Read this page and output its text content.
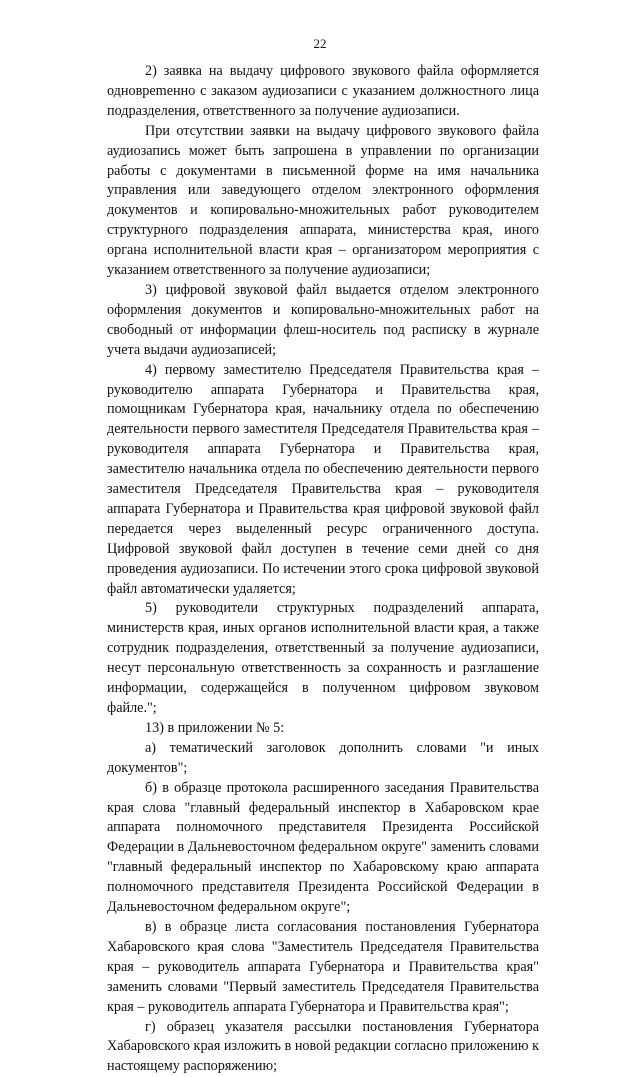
22

2) заявка на выдачу цифрового звукового файла оформляется одновреmенно с заказом аудиозаписи с указанием должностного лица подразделения, ответственного за получение аудиозаписи.

При отсутствии заявки на выдачу цифрового звукового файла аудиозапись может быть запрошена в управлении по организации работы с документами в письменной форме на имя начальника управления или заведующего отделом электронного оформления документов и копировально-множительных работ руководителем структурного подразделения аппарата, министерства края, иного органа исполнительной власти края – организатором мероприятия с указанием ответственного за получение аудиозаписи;

3) цифровой звуковой файл выдается отделом электронного оформления документов и копировально-множительных работ на свободный от информации флеш-носитель под расписку в журнале учета выдачи аудиозаписей;

4) первому заместителю Председателя Правительства края – руководителю аппарата Губернатора и Правительства края, помощникам Губернатора края, начальнику отдела по обеспечению деятельности первого заместителя Председателя Правительства края – руководителя аппарата Губернатора и Правительства края, заместителю начальника отдела по обеспечению деятельности первого заместителя Председателя Правительства края – руководителя аппарата Губернатора и Правительства края цифровой звуковой файл передается через выделенный ресурс ограниченного доступа. Цифровой звуковой файл доступен в течение семи дней со дня проведения аудиозаписи. По истечении этого срока цифровой звуковой файл автоматически удаляется;

5) руководители структурных подразделений аппарата, министерств края, иных органов исполнительной власти края, а также сотрудник подразделения, ответственный за получение аудиозаписи, несут персональную ответственность за сохранность и разглашение информации, содержащейся в полученном цифровом звуковом файле.";

13) в приложении № 5:

а) тематический заголовок дополнить словами "и иных документов";

б) в образце протокола расширенного заседания Правительства края слова "главный федеральный инспектор в Хабаровском крае аппарата полномочного представителя Президента Российской Федерации в Дальневосточном федеральном округе" заменить словами "главный федеральный инспектор по Хабаровскому краю аппарата полномочного представителя Президента Российской Федерации в Дальневосточном федеральном округе";

в) в образце листа согласования постановления Губернатора Хабаровского края слова "Заместитель Председателя Правительства края – руководитель аппарата Губернатора и Правительства края" заменить словами "Первый заместитель Председателя Правительства края – руководитель аппарата Губернатора и Правительства края";

г) образец указателя рассылки постановления Губернатора Хабаровского края изложить в новой редакции согласно приложению к настоящему распоряжению;
